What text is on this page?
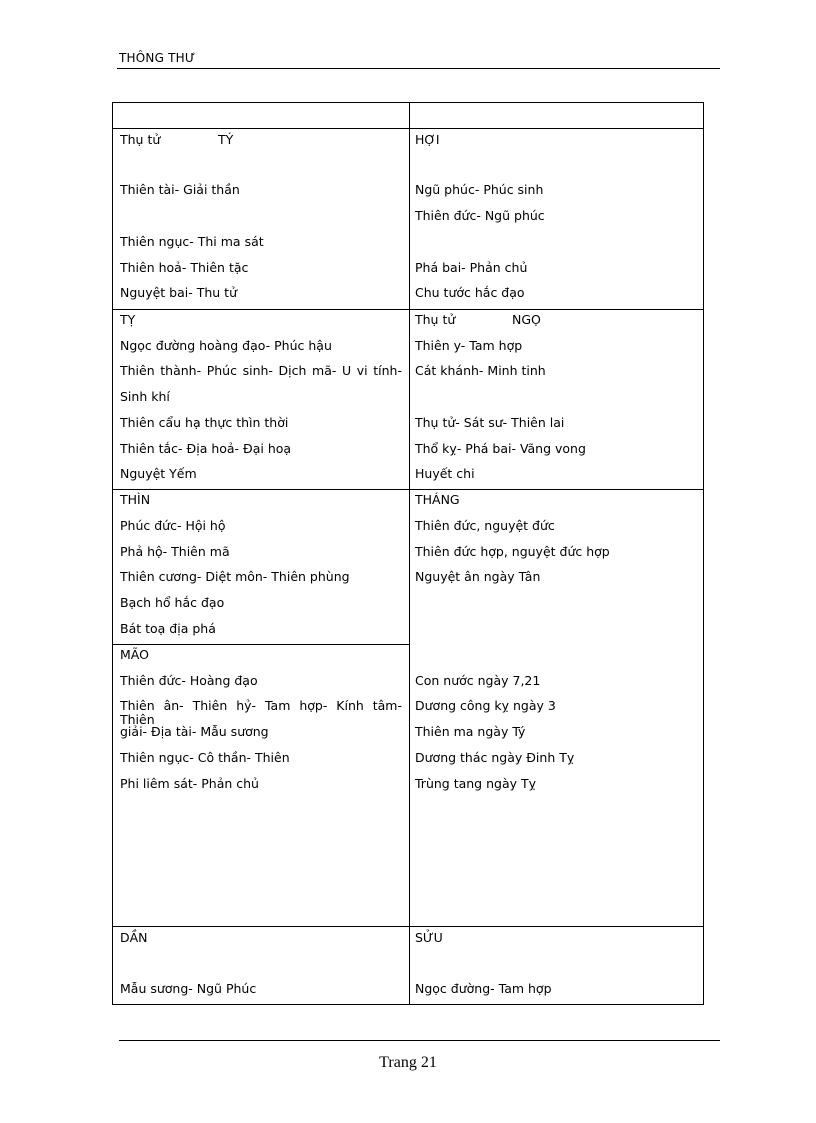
THÔNG THƯ
Thụ tử	TÝ
Thiên tài- Giải thần
Thiên ngục- Thi ma sát
Thiên hoả- Thiên tặc
Nguyệt bai- Thu tử
HỢI
Ngũ phúc- Phúc sinh
Thiên đức- Ngũ phúc
Phá bai- Phản chủ
Chu tước hắc đạo
TỴ
Ngọc đường hoàng đạo- Phúc hậu
Thiên thành- Phúc sinh- Dịch mã- U vi tính-
Sinh khí
Thiên cẩu hạ thực thìn thời
Thiên tắc- Địa hoả- Đại hoạ
Nguyệt Yếm
Thụ tử	NGỌ
Thiên y- Tam hợp
Cát khánh- Minh tinh
Thụ tử- Sát sư- Thiên lai
Thổ kỵ- Phá bai- Vãng vong
Huyết chi
THÌN
Phúc đức- Hội hộ
Phả hộ- Thiên mã
Thiên cương- Diệt môn- Thiên phùng
Bạch hổ hắc đạo
Bát toạ địa phá
THÁNG
Thiên đức, nguyệt đức
Thiên đức hợp, nguyệt đức hợp
Nguyệt ân ngày Tân
MÃO
Thiên đức- Hoàng đạo
Thiên ân- Thiên hỷ- Tam hợp- Kính tâm- Thiên
giải- Địa tài- Mẫu sương
Thiên ngục- Cô thần- Thiên
Phi liêm sát- Phản chủ
Con nước ngày 7,21
Dương công kỵ ngày 3
Thiên ma ngày Tý
Dương thác ngày Đinh Tỵ
Trùng tang ngày Tỵ
DẦN
Mẫu sương- Ngũ Phúc
SỬU
Ngọc đường- Tam hợp
Trang 21
